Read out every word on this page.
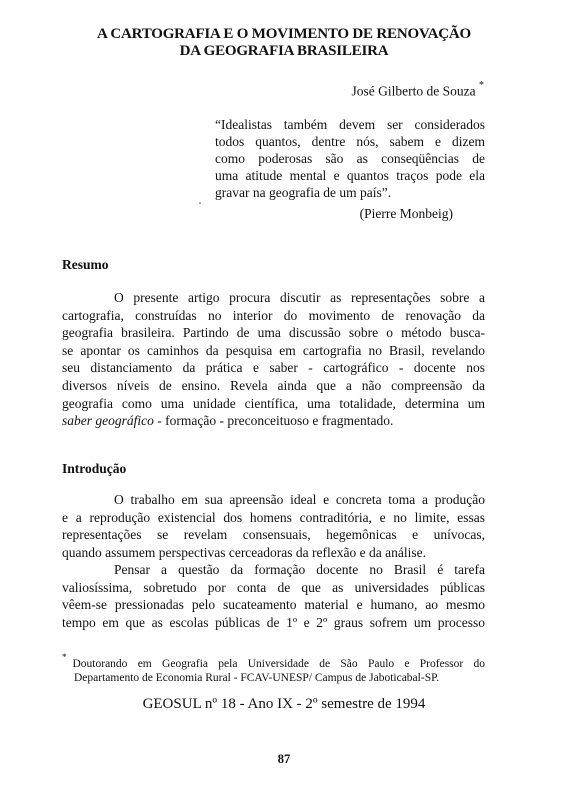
A CARTOGRAFIA E O MOVIMENTO DE RENOVAÇÃO
DA GEOGRAFIA BRASILEIRA
José Gilberto de Souza *
“Idealistas também devem ser considerados
todos quantos, dentre nós, sabem e dizem
como poderosas são as conseqüências de
uma atitude mental e quantos traços pode ela
gravar na geografia de um país”.
(Pierre Monbeig)
Resumo
O presente artigo procura discutir as representações sobre a
cartografia, construídas no interior do movimento de renovação da
geografia brasileira. Partindo de uma discussão sobre o método busca-
se apontar os caminhos da pesquisa em cartografia no Brasil, revelando
seu distanciamento da prática e saber - cartográfico - docente nos
diversos níveis de ensino. Revela ainda que a não compreensão da
geografia como uma unidade científica, uma totalidade, determina um
saber geográfico - formação - preconceituoso e fragmentado.
Introdução
O trabalho em sua apreensão ideal e concreta toma a produção
e a reprodução existencial dos homens contraditória, e no limite, essas
representações se revelam consensuais, hegemônicas e unívocas,
quando assumem perspectivas cerceadoras da reflexão e da análise.
Pensar a questão da formação docente no Brasil é tarefa
valiosíssima, sobretudo por conta de que as universidades públicas
vêem-se pressionadas pelo sucateamento material e humano, ao mesmo
tempo em que as escolas públicas de 1º e 2º graus sofrem um processo
*Doutorando em Geografia pela Universidade de São Paulo e Professor do
Departamento de Economia Rural - FCAV-UNESP/ Campus de Jaboticabal-SP.
GEOSUL nº 18 - Ano IX - 2º semestre de 1994
87
